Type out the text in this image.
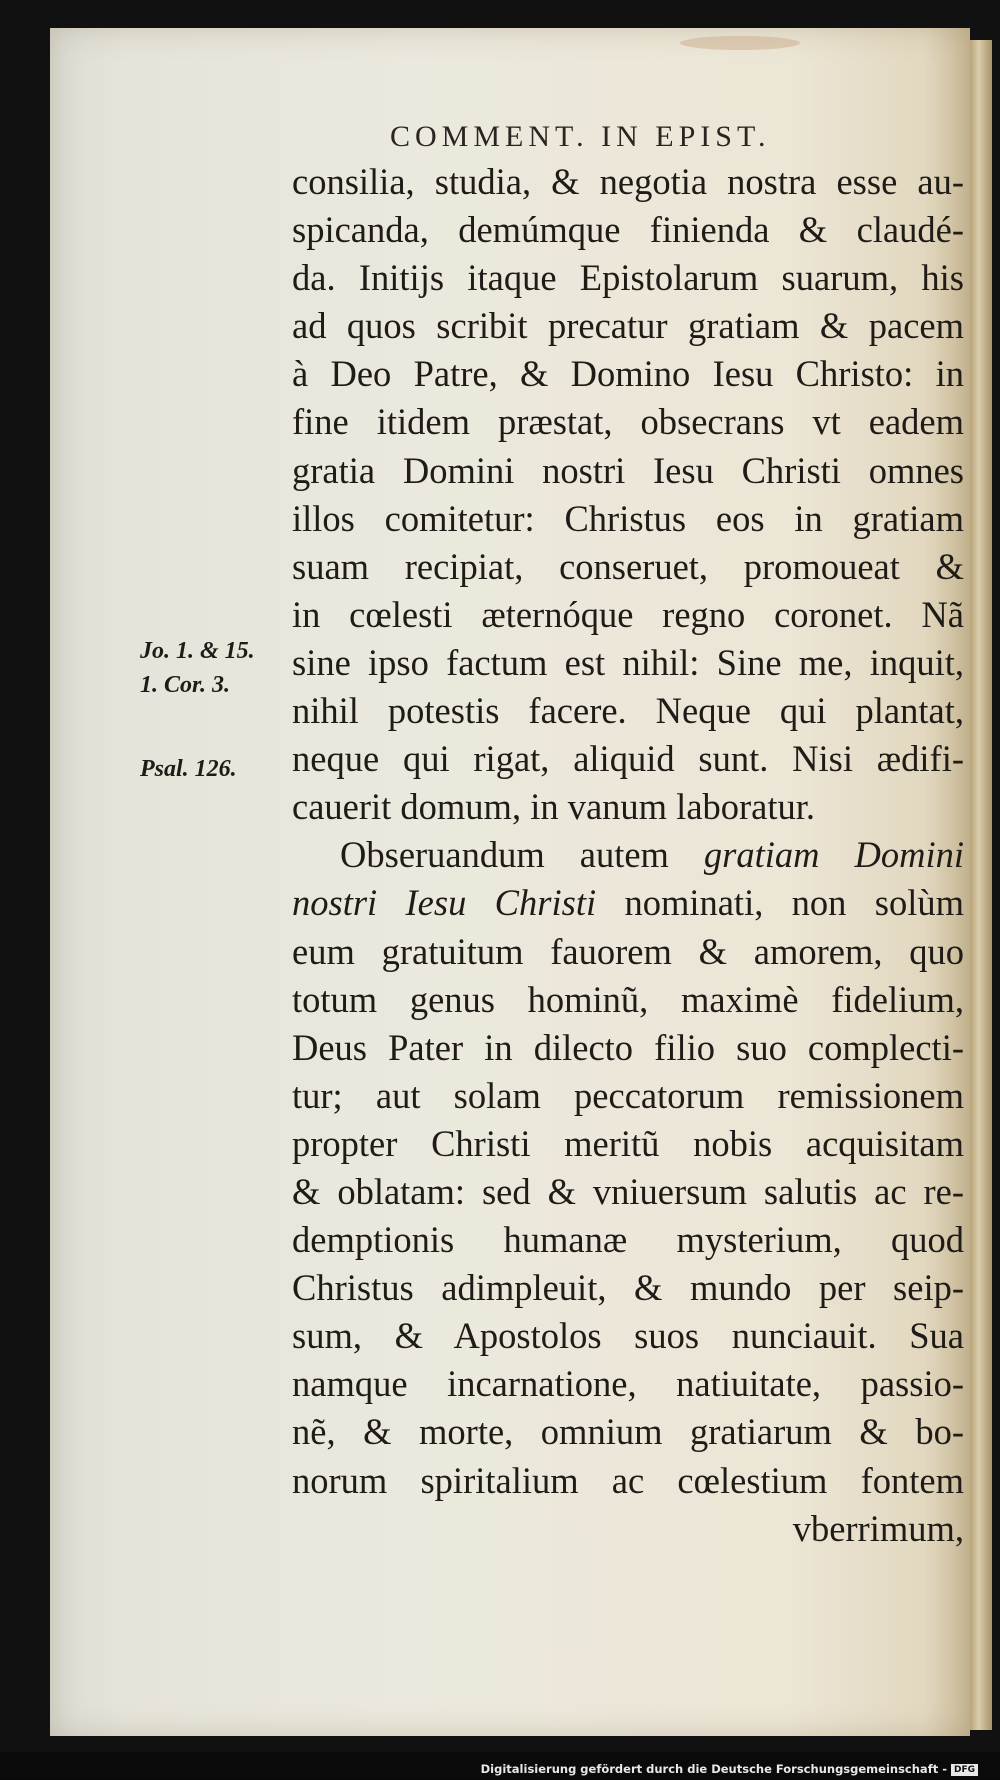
COMMENT. IN EPIST.
consilia, studia, & negotia nostra esse au-
spicanda, demúmque finienda & claudé-
da. Initijs itaque Epistolarum suarum, his
ad quos scribit precatur gratiam & pacem
à Deo Patre, & Domino Iesu Christo: in
fine itidem præstat, obsecrans vt eadem
gratia Domini nostri Iesu Christi omnes
illos comitetur: Christus eos in gratiam
suam recipiat, conseruet, promoueat &
in cœlesti æternóque regno coronet. Nã
sine ipso factum est nihil: Sine me, inquit,
nihil potestis facere. Neque qui plantat,
neque qui rigat, aliquid sunt. Nisi ædifi-
cauerit domum, in vanum laboratur.
Obseruandum autem gratiam Domini
nostri Iesu Christi nominati, non solùm
eum gratuitum fauorem & amorem, quo
totum genus hominũ, maximè fidelium,
Deus Pater in dilecto filio suo complecti-
tur; aut solam peccatorum remissionem
propter Christi meritũ nobis acquisitam
& oblatam: sed & vniuersum salutis ac re-
demptionis humanæ mysterium, quod
Christus adimpleuit, & mundo per seip-
sum, & Apostolos suos nunciauit. Sua
namque incarnatione, natiuitate, passio-
nẽ, & morte, omnium gratiarum & bo-
norum spiritalium ac cœlestium fontem
vberrimum,
Jo. 1. & 15.
1. Cor. 3.
Psal. 126.
Digitalisierung gefördert durch die Deutsche Forschungsgemeinschaft - DFG
